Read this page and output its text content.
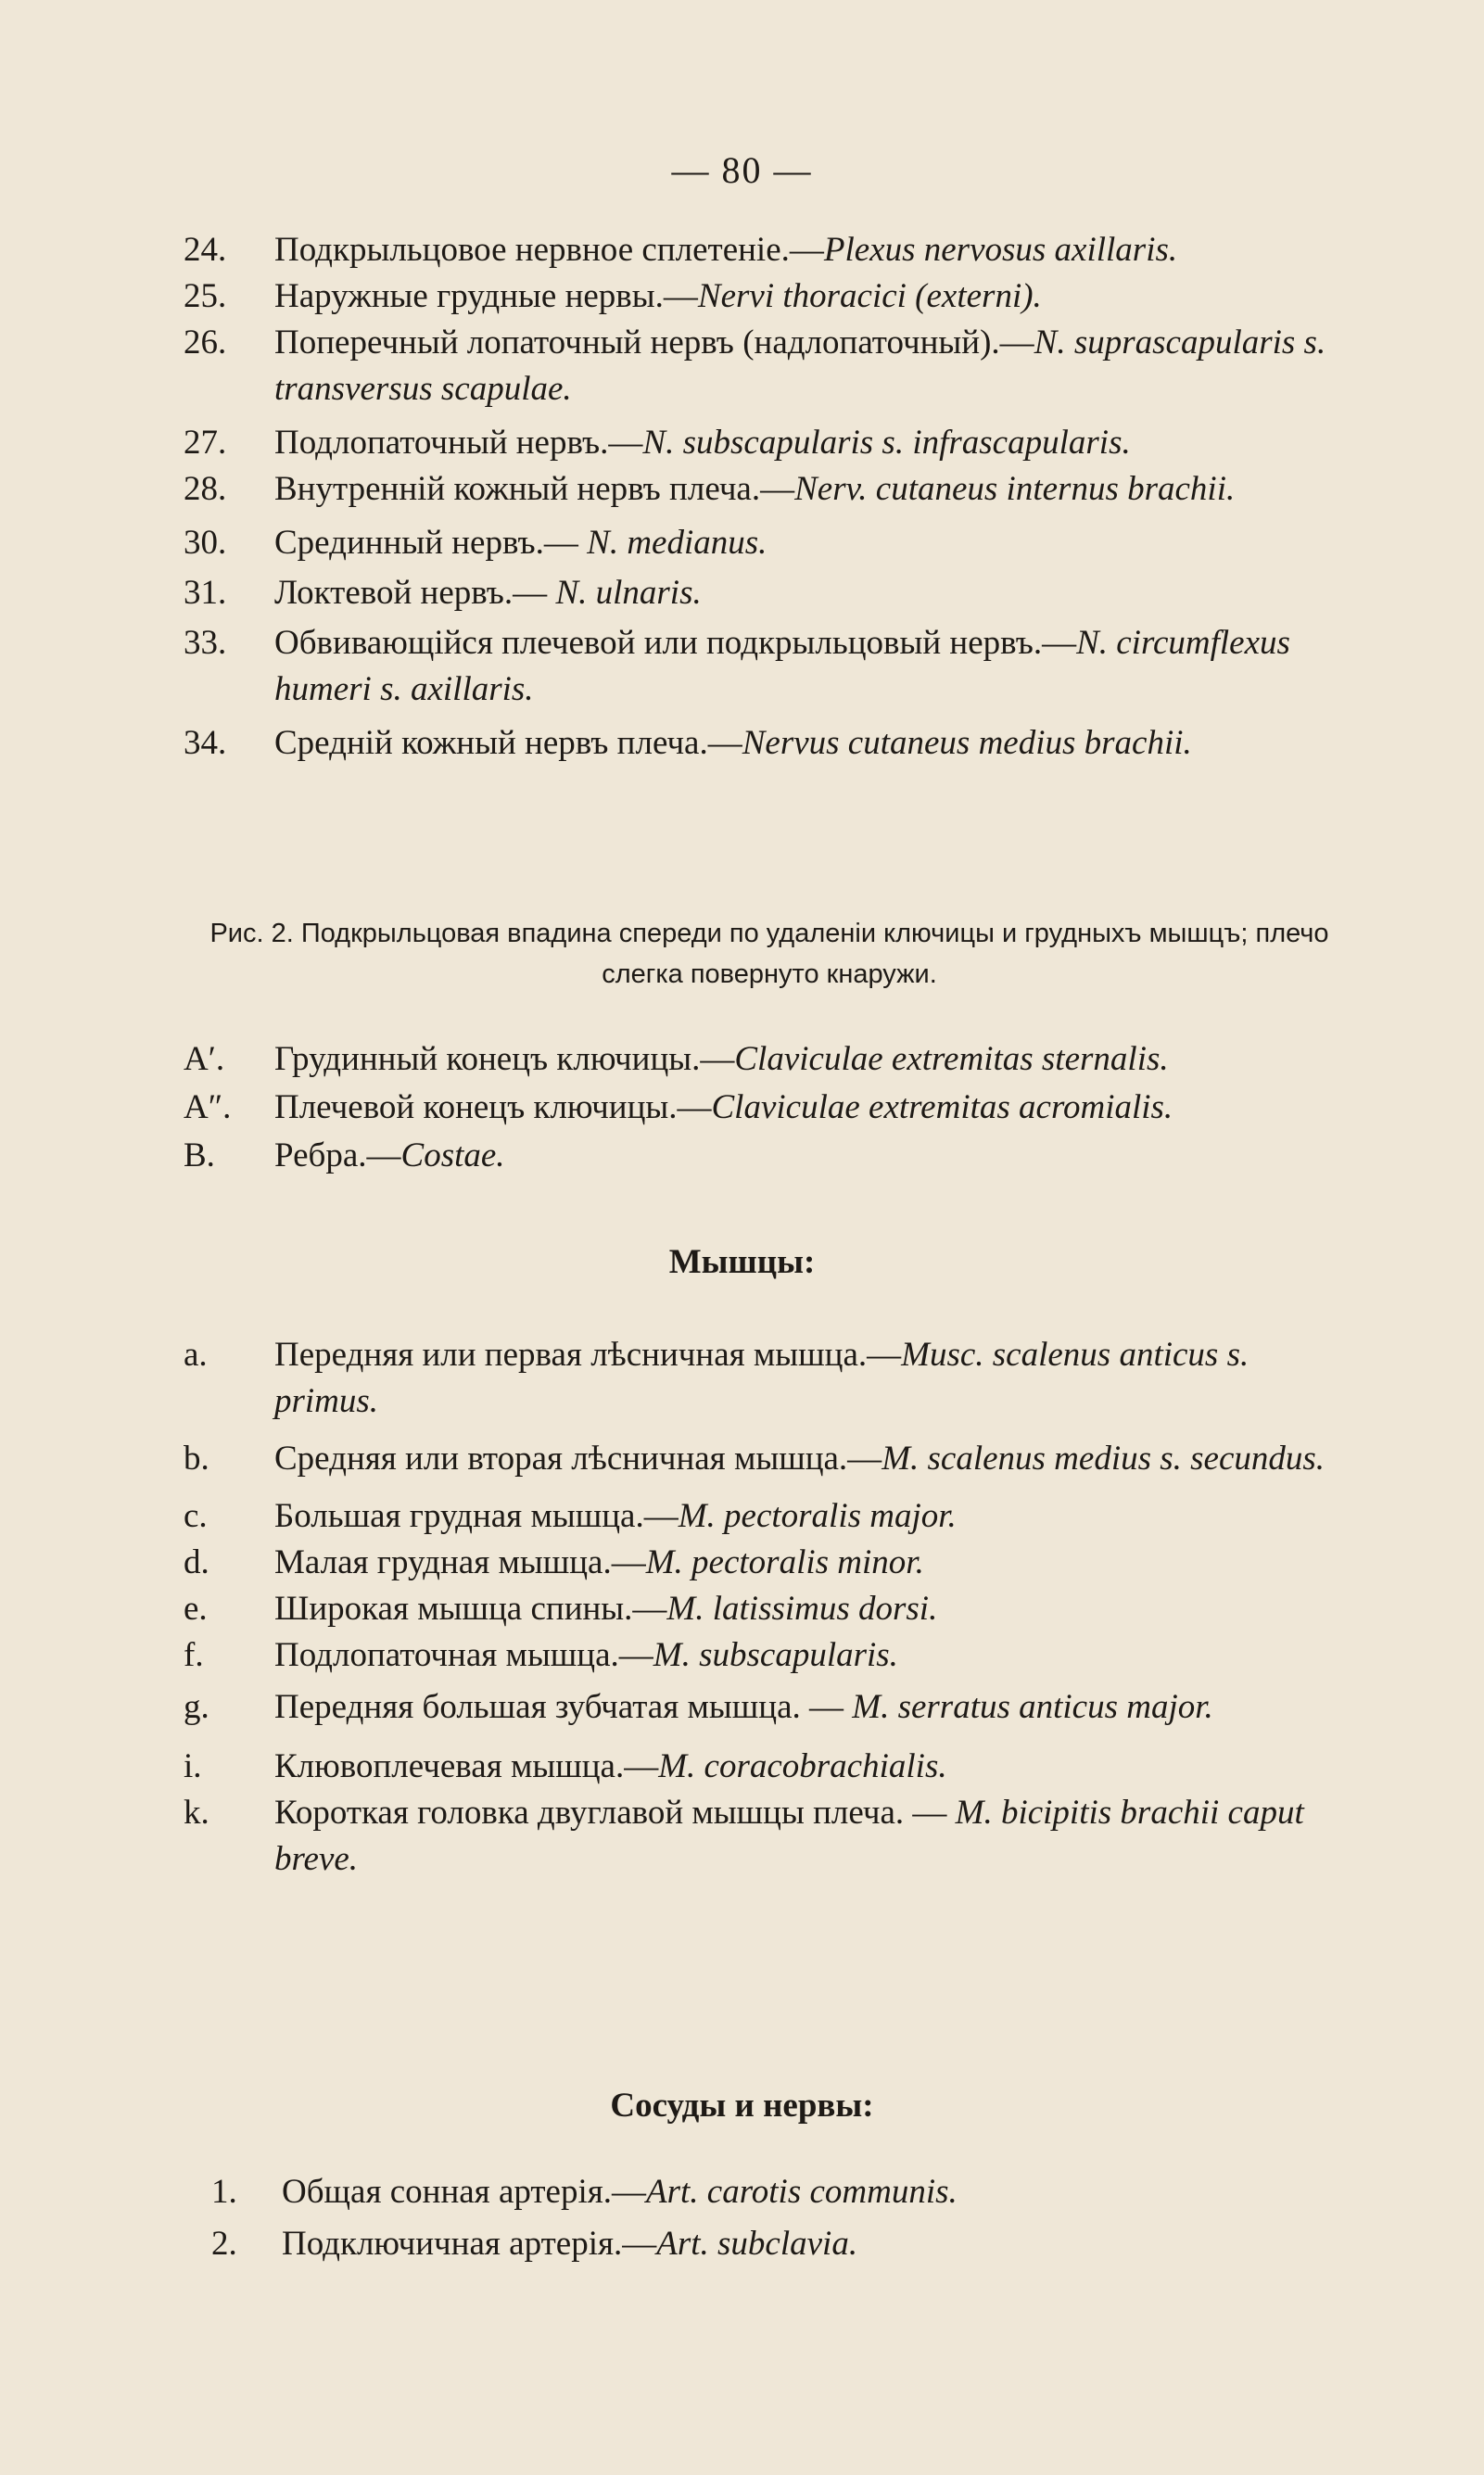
— 80 —
24.	Подкрыльцовое нервное сплетеніе.—Plexus nervosus axillaris.
25.	Наружные грудные нервы.—Nervi thoracici (externi).
26.	Поперечный лопаточный нервъ (надлопаточный).—N. suprascapularis s. transversus scapulae.
27.	Подлопаточный нервъ.—N. subscapularis s. infrascapularis.
28.	Внутренній кожный нервъ плеча.—Nerv. cutaneus internus brachii.
30.	Срединный нервъ.— N. medianus.
31.	Локтевой нервъ.— N. ulnaris.
33.	Обвивающійся плечевой или подкрыльцовый нервъ.—N. circumflexus humeri s. axillaris.
34.	Средній кожный нервъ плеча.—Nervus cutaneus medius brachii.
Рис. 2. Подкрыльцовая впадина спереди по удаленіи ключицы и грудныхъ мышцъ; плечо слегка повернуто кнаружи.
A′.	Грудинный конецъ ключицы.—Claviculae extremitas sternalis.
A″.	Плечевой конецъ ключицы.—Claviculae extremitas acromialis.
B.	Ребра.—Costae.
Мышцы:
a.	Передняя или первая лѣсничная мышца.—Musc. scalenus anticus s. primus.
b.	Средняя или вторая лѣсничная мышца.—M. scalenus medius s. secundus.
c.	Большая грудная мышца.—M. pectoralis major.
d.	Малая грудная мышца.—M. pectoralis minor.
e.	Широкая мышца спины.—M. latissimus dorsi.
f.	Подлопаточная мышца.—M. subscapularis.
g.	Передняя большая зубчатая мышца. — M. serratus anticus major.
i.	Клювоплечевая мышца.—M. coracobrachialis.
k.	Короткая головка двуглавой мышцы плеча. — M. bicipitis brachii caput breve.
Сосуды и нервы:
1.	Общая сонная артерія.—Art. carotis communis.
2.	Подключичная артерія.—Art. subclavia.
